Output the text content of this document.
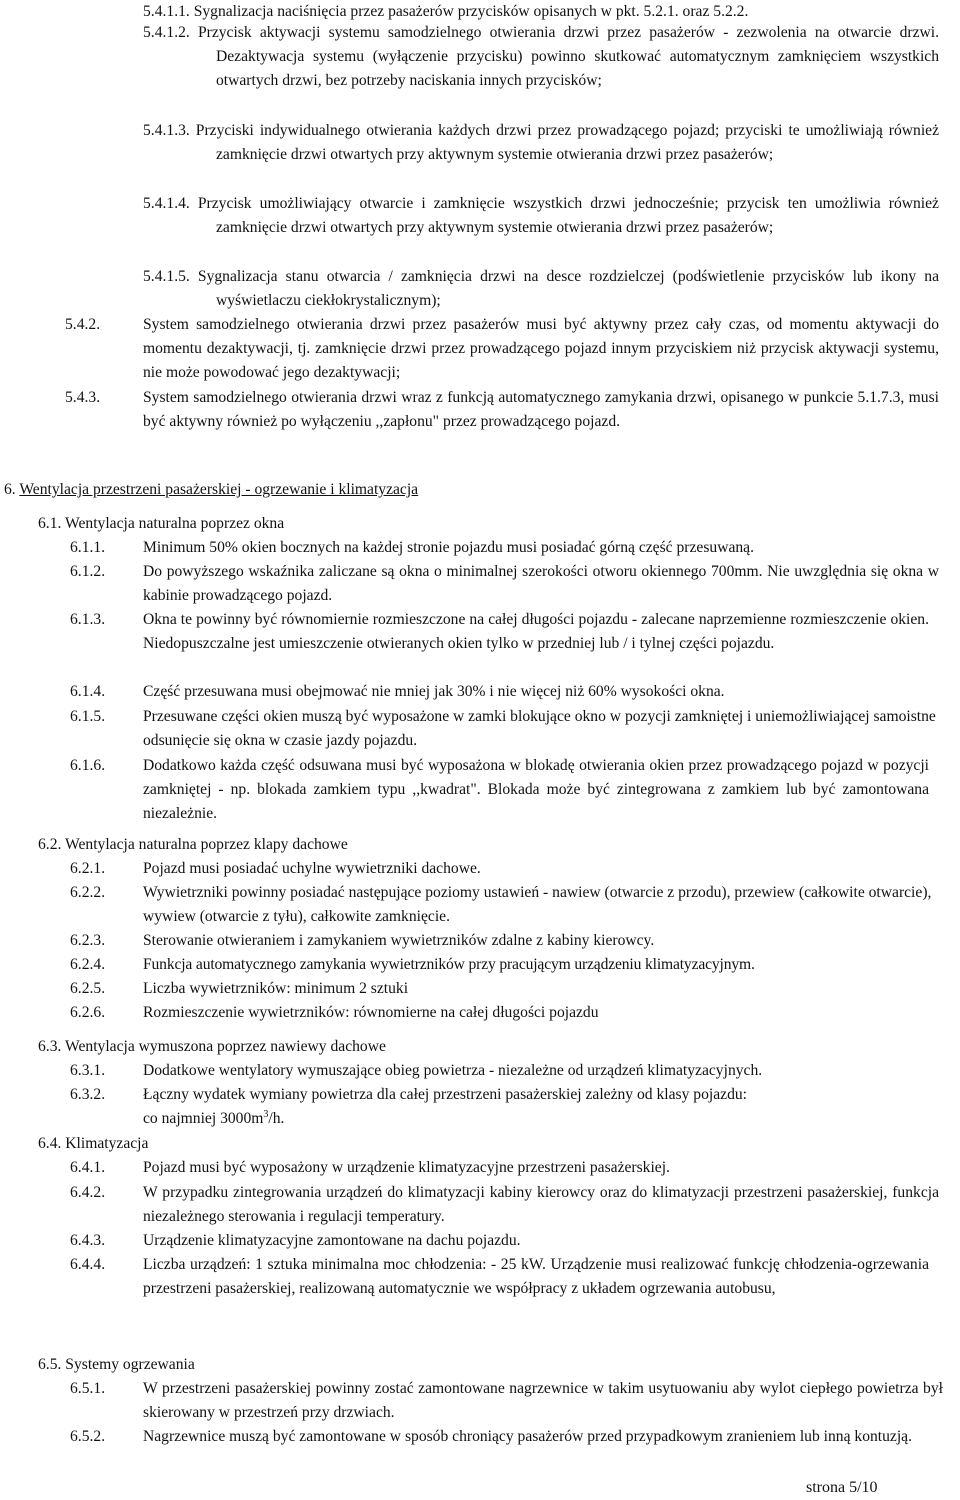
5.4.1.1. Sygnalizacja naciśnięcia przez pasażerów przycisków opisanych w pkt. 5.2.1. oraz 5.2.2.
5.4.1.2. Przycisk aktywacji systemu samodzielnego otwierania drzwi przez pasażerów - zezwolenia na otwarcie drzwi. Dezaktywacja systemu (wyłączenie przycisku) powinno skutkować automatycznym zamknięciem wszystkich otwartych drzwi, bez potrzeby naciskania innych przycisków;
5.4.1.3. Przyciski indywidualnego otwierania każdych drzwi przez prowadzącego pojazd; przyciski te umożliwiają również zamknięcie drzwi otwartych przy aktywnym systemie otwierania drzwi przez pasażerów;
5.4.1.4. Przycisk umożliwiający otwarcie i zamknięcie wszystkich drzwi jednocześnie; przycisk ten umożliwia również zamknięcie drzwi otwartych przy aktywnym systemie otwierania drzwi przez pasażerów;
5.4.1.5. Sygnalizacja stanu otwarcia / zamknięcia drzwi na desce rozdzielczej (podświetlenie przycisków lub ikony na wyświetlaczu ciekłokrystalicznym);
5.4.2.	System samodzielnego otwierania drzwi przez pasażerów musi być aktywny przez cały czas, od momentu aktywacji do momentu dezaktywacji, tj. zamknięcie drzwi przez prowadzącego pojazd innym przyciskiem niż przycisk aktywacji systemu, nie może powodować jego dezaktywacji;
5.4.3.	System samodzielnego otwierania drzwi wraz z funkcją automatycznego zamykania drzwi, opisanego w punkcie 5.1.7.3, musi być aktywny również po wyłączeniu ,,zapłonu" przez prowadzącego pojazd.
6. Wentylacja przestrzeni pasażerskiej - ogrzewanie i klimatyzacja
6.1. Wentylacja naturalna poprzez okna
6.1.1. Minimum 50% okien bocznych na każdej stronie pojazdu musi posiadać górną część przesuwaną.
6.1.2. Do powyższego wskaźnika zaliczane są okna o minimalnej szerokości otworu okiennego 700mm. Nie uwzględnia się okna w kabinie prowadzącego pojazd.
6.1.3. Okna te powinny być równomiernie rozmieszczone na całej długości pojazdu - zalecane naprzemienne rozmieszczenie okien. Niedopuszczalne jest umieszczenie otwieranych okien tylko w przedniej lub / i tylnej części pojazdu.
6.1.4. Część przesuwana musi obejmować nie mniej jak 30% i nie więcej niż 60% wysokości okna.
6.1.5. Przesuwane części okien muszą być wyposażone w zamki blokujące okno w pozycji zamkniętej i uniemożliwiającej samoistne odsunięcie się okna w czasie jazdy pojazdu.
6.1.6. Dodatkowo każda część odsuwana musi być wyposażona w blokadę otwierania okien przez prowadzącego pojazd w pozycji zamkniętej - np. blokada zamkiem typu ,,kwadrat". Blokada może być zintegrowana z zamkiem lub być zamontowana niezależnie.
6.2. Wentylacja naturalna poprzez klapy dachowe
6.2.1. Pojazd musi posiadać uchylne wywietrzniki dachowe.
6.2.2. Wywietrzniki powinny posiadać następujące poziomy ustawień - nawiew (otwarcie z przodu), przewiew (całkowite otwarcie), wywiew (otwarcie z tyłu), całkowite zamknięcie.
6.2.3. Sterowanie otwieraniem i zamykaniem wywietrzników zdalne z kabiny kierowcy.
6.2.4. Funkcja automatycznego zamykania wywietrzników przy pracującym urządzeniu klimatyzacyjnym.
6.2.5. Liczba wywietrzników: minimum 2 sztuki
6.2.6. Rozmieszczenie wywietrzników: równomierne na całej długości pojazdu
6.3. Wentylacja wymuszona poprzez nawiewy dachowe
6.3.1. Dodatkowe wentylatory wymuszające obieg powietrza - niezależne od urządzeń klimatyzacyjnych.
6.3.2. Łączny wydatek wymiany powietrza dla całej przestrzeni pasażerskiej zależny od klasy pojazdu:
co najmniej $3000m^3/h$.
6.4. Klimatyzacja
6.4.1. Pojazd musi być wyposażony w urządzenie klimatyzacyjne przestrzeni pasażerskiej.
6.4.2. W przypadku zintegrowania urządzeń do klimatyzacji kabiny kierowcy oraz do klimatyzacji przestrzeni pasażerskiej, funkcja niezależnego sterowania i regulacji temperatury.
6.4.3. Urządzenie klimatyzacyjne zamontowane na dachu pojazdu.
6.4.4. Liczba urządzeń: 1 sztuka minimalna moc chłodzenia: - 25 kW. Urządzenie musi realizować funkcję chłodzenia-ogrzewania przestrzeni pasażerskiej, realizowaną automatycznie we współpracy z układem ogrzewania autobusu,
6.5. Systemy ogrzewania
6.5.1. W przestrzeni pasażerskiej powinny zostać zamontowane nagrzewnice w takim usytuowaniu aby wylot ciepłego powietrza był skierowany w przestrzeń przy drzwiach.
6.5.2. Nagrzewnice muszą być zamontowane w sposób chroniący pasażerów przed przypadkowym zranieniem lub inną kontuzją.
strona 5/10
